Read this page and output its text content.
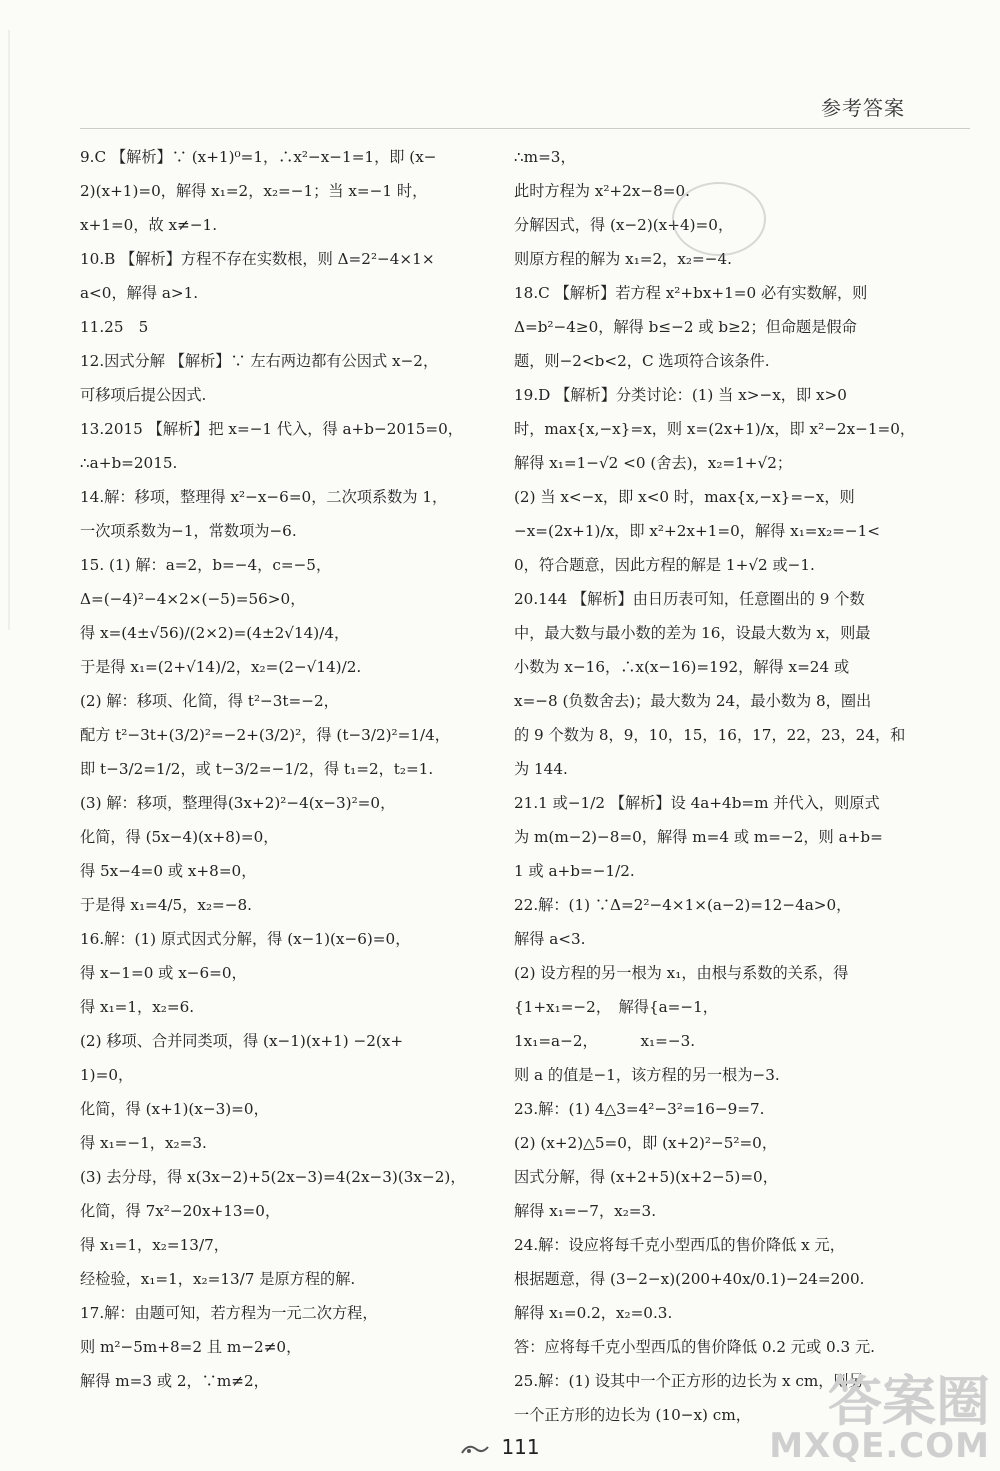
参考答案
9.C 【解析】∵ (x+1)⁰=1，∴x²−x−1=1，即 (x−
2)(x+1)=0，解得 x₁=2，x₂=−1；当 x=−1 时，
x+1=0，故 x≠−1.
10.B 【解析】方程不存在实数根，则 Δ=2²−4×1×
a<0，解得 a>1.
11.25　5
12.因式分解 【解析】∵ 左右两边都有公因式 x−2，
可移项后提公因式.
13.2015 【解析】把 x=−1 代入，得 a+b−2015=0，
∴a+b=2015.
14.解：移项，整理得 x²−x−6=0，二次项系数为 1，
一次项系数为−1，常数项为−6.
15. (1) 解：a=2，b=−4，c=−5，
Δ=(−4)²−4×2×(−5)=56>0，
得 x=(4±√56)/(2×2)=(4±2√14)/4，
于是得 x₁=(2+√14)/2，x₂=(2−√14)/2.
(2) 解：移项、化简，得 t²−3t=−2，
配方 t²−3t+(3/2)²=−2+(3/2)²，得 (t−3/2)²=1/4，
即 t−3/2=1/2，或 t−3/2=−1/2，得 t₁=2，t₂=1.
(3) 解：移项，整理得(3x+2)²−4(x−3)²=0，
化简，得 (5x−4)(x+8)=0，
得 5x−4=0 或 x+8=0，
于是得 x₁=4/5，x₂=−8.
16.解：(1) 原式因式分解，得 (x−1)(x−6)=0，
得 x−1=0 或 x−6=0，
得 x₁=1，x₂=6.
(2) 移项、合并同类项，得 (x−1)(x+1) −2(x+
1)=0，
化简，得 (x+1)(x−3)=0，
得 x₁=−1，x₂=3.
(3) 去分母，得 x(3x−2)+5(2x−3)=4(2x−3)(3x−2)，
化简，得 7x²−20x+13=0，
得 x₁=1，x₂=13/7，
经检验，x₁=1，x₂=13/7 是原方程的解.
17.解：由题可知，若方程为一元二次方程，
则 m²−5m+8=2 且 m−2≠0，
解得 m=3 或 2，∵m≠2，
∴m=3，
此时方程为 x²+2x−8=0.
分解因式，得 (x−2)(x+4)=0，
则原方程的解为 x₁=2，x₂=−4.
18.C 【解析】若方程 x²+bx+1=0 必有实数解，则
Δ=b²−4≥0，解得 b≤−2 或 b≥2；但命题是假命
题，则−2<b<2，C 选项符合该条件.
19.D 【解析】分类讨论：(1) 当 x>−x，即 x>0
时，max{x,−x}=x，则 x=(2x+1)/x，即 x²−2x−1=0，
解得 x₁=1−√2 <0 (舍去)，x₂=1+√2；
(2) 当 x<−x，即 x<0 时，max{x,−x}=−x，则
−x=(2x+1)/x，即 x²+2x+1=0，解得 x₁=x₂=−1<
0，符合题意，因此方程的解是 1+√2 或−1.
20.144 【解析】由日历表可知，任意圈出的 9 个数
中，最大数与最小数的差为 16，设最大数为 x，则最
小数为 x−16，∴x(x−16)=192，解得 x=24 或
x=−8 (负数舍去)；最大数为 24，最小数为 8，圈出
的 9 个数为 8，9，10，15，16，17，22，23，24，和
为 144.
21.1 或−1/2 【解析】设 4a+4b=m 并代入，则原式
为 m(m−2)−8=0，解得 m=4 或 m=−2，则 a+b=
1 或 a+b=−1/2.
22.解：(1) ∵Δ=2²−4×1×(a−2)=12−4a>0，
解得 a<3.
(2) 设方程的另一根为 x₁，由根与系数的关系，得
{1+x₁=−2，　解得{a=−1，
1x₁=a−2，　　　 x₁=−3.
则 a 的值是−1，该方程的另一根为−3.
23.解：(1) 4△3=4²−3²=16−9=7.
(2) (x+2)△5=0，即 (x+2)²−5²=0，
因式分解，得 (x+2+5)(x+2−5)=0，
解得 x₁=−7，x₂=3.
24.解：设应将每千克小型西瓜的售价降低 x 元，
根据题意，得 (3−2−x)(200+40x/0.1)−24=200.
解得 x₁=0.2，x₂=0.3.
答：应将每千克小型西瓜的售价降低 0.2 元或 0.3 元.
25.解：(1) 设其中一个正方形的边长为 x cm，则另
一个正方形的边长为 (10−x) cm，
111
答案圈
MXQE.COM
